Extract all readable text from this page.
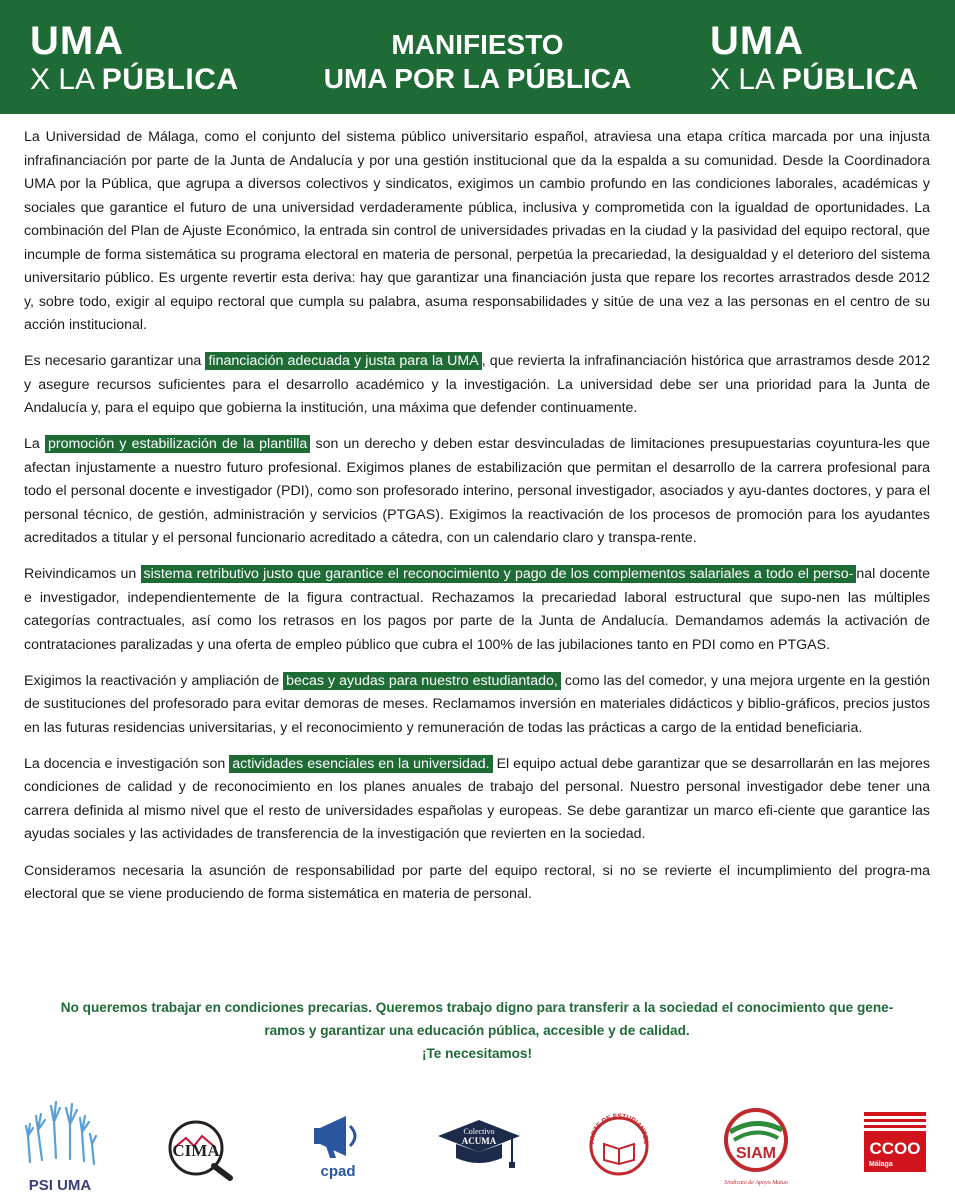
UMA
X LA PÚBLICA
MANIFIESTO
UMA POR LA PÚBLICA
UMA
X LA PÚBLICA

La Universidad de Málaga, como el conjunto del sistema público universitario español, atraviesa una etapa crítica marcada por una injusta infrafinanciación por parte de la Junta de Andalucía y por una gestión institucional que da la espalda a su comunidad. Desde la Coordinadora UMA por la Pública, que agrupa a diversos colectivos y sindicatos, exigimos un cambio profundo en las condiciones laborales, académicas y sociales que garantice el futuro de una universidad verdaderamente pública, inclusiva y comprometida con la igualdad de oportunidades. La combinación del Plan de Ajuste Económico, la entrada sin control de universidades privadas en la ciudad y la pasividad del equipo rectoral, que incumple de forma sistemática su programa electoral en materia de personal, perpetúa la precariedad, la desigualdad y el deterioro del sistema universitario público. Es urgente revertir esta deriva: hay que garantizar una financiación justa que repare los recortes arrastrados desde 2012 y, sobre todo, exigir al equipo rectoral que cumpla su palabra, asuma responsabilidades y sitúe de una vez a las personas en el centro de su acción institucional.

Es necesario garantizar una financiación adecuada y justa para la UMA , que revierta la infrafinanciación histórica que arrastramos desde 2012 y asegure recursos suficientes para el desarrollo académico y la investigación. La universidad debe ser una prioridad para la Junta de Andalucía y, para el equipo que gobierna la institución, una máxima que defender continuamente.

La promoción y estabilización de la plantilla son un derecho y deben estar desvinculadas de limitaciones presupuestarias coyuntura-les que afectan injustamente a nuestro futuro profesional. Exigimos planes de estabilización que permitan el desarrollo de la carrera profesional para todo el personal docente e investigador (PDI), como son profesorado interino, personal investigador, asociados y ayu-dantes doctores, y para el personal técnico, de gestión, administración y servicios (PTGAS). Exigimos la reactivación de los procesos de promoción para los ayudantes acreditados a titular y el personal funcionario acreditado a cátedra, con un calendario claro y transpa-rente.

Reivindicamos un sistema retributivo justo que garantice el reconocimiento y pago de los complementos salariales a todo el perso- nal docente e investigador, independientemente de la figura contractual. Rechazamos la precariedad laboral estructural que supo-nen las múltiples categorías contractuales, así como los retrasos en los pagos por parte de la Junta de Andalucía. Demandamos además la activación de contrataciones paralizadas y una oferta de empleo público que cubra el 100% de las jubilaciones tanto en PDI como en PTGAS.

Exigimos la reactivación y ampliación de becas y ayudas para nuestro estudiantado, como las del comedor, y una mejora urgente en la gestión de sustituciones del profesorado para evitar demoras de meses. Reclamamos inversión en materiales didácticos y biblio-gráficos, precios justos en las futuras residencias universitarias, y el reconocimiento y remuneración de todas las prácticas a cargo de la entidad beneficiaria.

La docencia e investigación son actividades esenciales en la universidad. El equipo actual debe garantizar que se desarrollarán en las mejores condiciones de calidad y de reconocimiento en los planes anuales de trabajo del personal. Nuestro personal investigador debe tener una carrera definida al mismo nivel que el resto de universidades españolas y europeas. Se debe garantizar un marco efi-ciente que garantice las ayudas sociales y las actividades de transferencia de la investigación que revierten en la sociedad.

Consideramos necesaria la asunción de responsabilidad por parte del equipo rectoral, si no se revierte el incumplimiento del progra-ma electoral que se viene produciendo de forma sistemática en materia de personal.

No queremos trabajar en condiciones precarias. Queremos trabajo digno para transferir a la sociedad el conocimiento que gene-
ramos y garantizar una educación pública, accesible y de calidad.
¡Te necesitamos!
PSI UMA
CIMA
cpad
Colectivo
ACUMA	PARTE DE ESTUDIANTES
SIAM
Sindicato de Apoyo Mutuo
CCOO
Málaga
